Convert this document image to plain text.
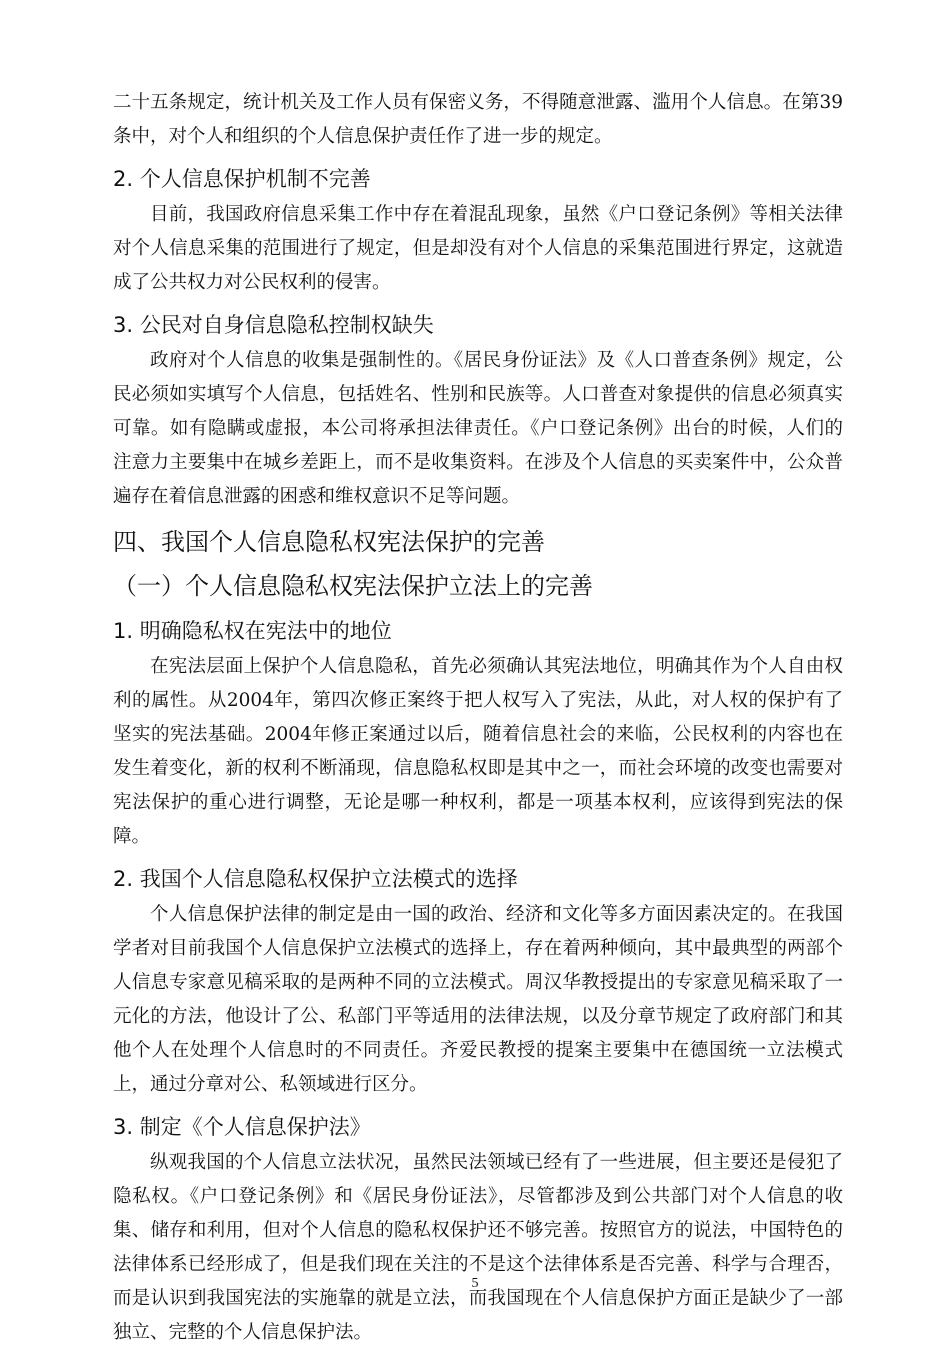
二十五条规定，统计机关及工作人员有保密义务，不得随意泄露、滥用个人信息。在第39条中，对个人和组织的个人信息保护责任作了进一步的规定。

2. 个人信息保护机制不完善

目前，我国政府信息采集工作中存在着混乱现象，虽然《户口登记条例》等相关法律对个人信息采集的范围进行了规定，但是却没有对个人信息的采集范围进行界定，这就造成了公共权力对公民权利的侵害。

3. 公民对自身信息隐私控制权缺失

政府对个人信息的收集是强制性的。《居民身份证法》及《人口普查条例》规定，公民必须如实填写个人信息，包括姓名、性别和民族等。人口普查对象提供的信息必须真实可靠。如有隐瞒或虚报，本公司将承担法律责任。《户口登记条例》出台的时候，人们的注意力主要集中在城乡差距上，而不是收集资料。在涉及个人信息的买卖案件中，公众普遍存在着信息泄露的困惑和维权意识不足等问题。

四、我国个人信息隐私权宪法保护的完善
（一）个人信息隐私权宪法保护立法上的完善
1. 明确隐私权在宪法中的地位

在宪法层面上保护个人信息隐私，首先必须确认其宪法地位，明确其作为个人自由权利的属性。从2004年，第四次修正案终于把人权写入了宪法，从此，对人权的保护有了坚实的宪法基础。2004年修正案通过以后，随着信息社会的来临，公民权利的内容也在发生着变化，新的权利不断涌现，信息隐私权即是其中之一，而社会环境的改变也需要对宪法保护的重心进行调整，无论是哪一种权利，都是一项基本权利，应该得到宪法的保障。

2. 我国个人信息隐私权保护立法模式的选择

个人信息保护法律的制定是由一国的政治、经济和文化等多方面因素决定的。在我国学者对目前我国个人信息保护立法模式的选择上，存在着两种倾向，其中最典型的两部个人信息专家意见稿采取的是两种不同的立法模式。周汉华教授提出的专家意见稿采取了一元化的方法，他设计了公、私部门平等适用的法律法规，以及分章节规定了政府部门和其他个人在处理个人信息时的不同责任。齐爱民教授的提案主要集中在德国统一立法模式上，通过分章对公、私领域进行区分。

3. 制定《个人信息保护法》

纵观我国的个人信息立法状况，虽然民法领域已经有了一些进展，但主要还是侵犯了隐私权。《户口登记条例》和《居民身份证法》，尽管都涉及到公共部门对个人信息的收集、储存和利用，但对个人信息的隐私权保护还不够完善。按照官方的说法，中国特色的法律体系已经形成了，但是我们现在关注的不是这个法律体系是否完善、科学与合理否，而是认识到我国宪法的实施靠的就是立法，而我国现在个人信息保护方面正是缺少了一部独立、完整的个人信息保护法。

5
